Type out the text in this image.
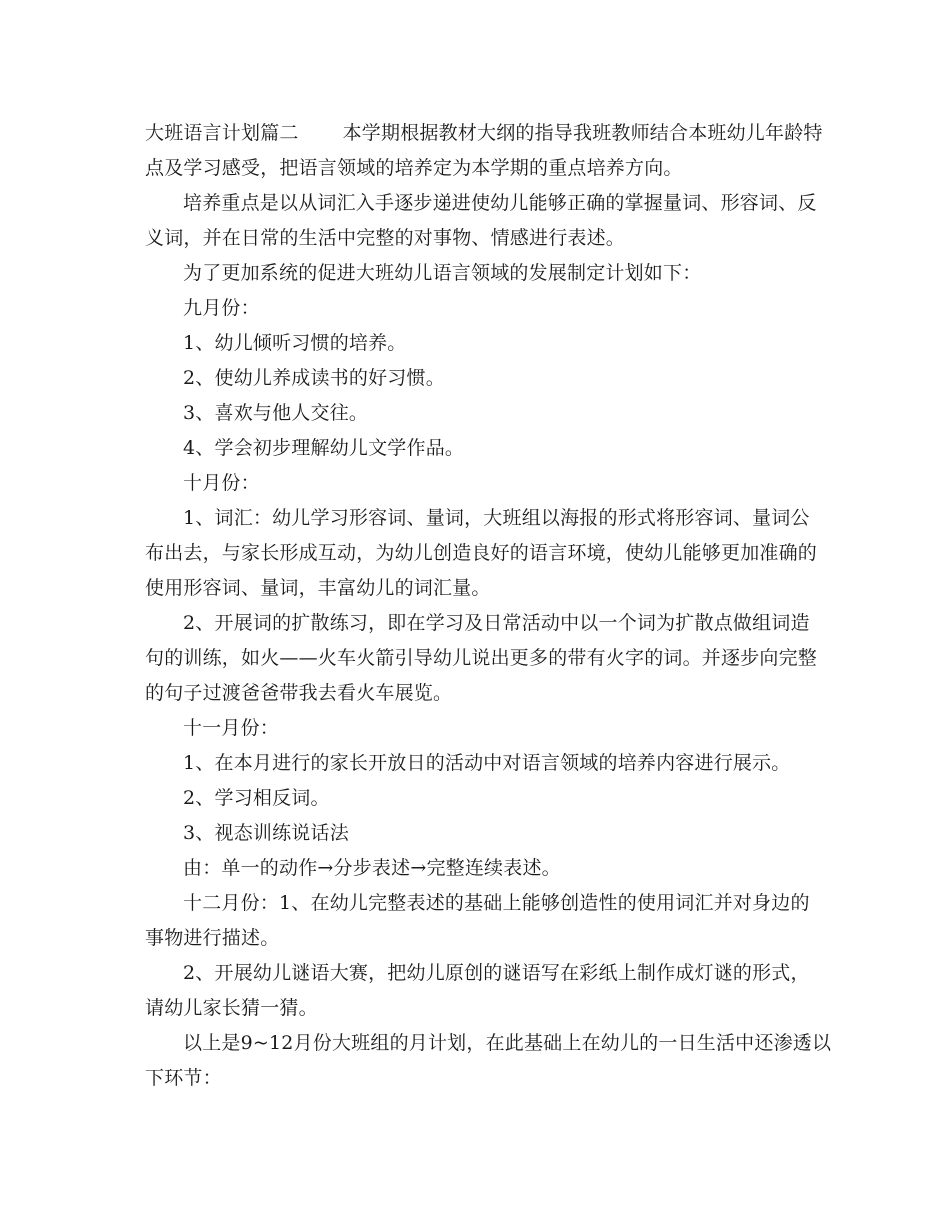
大班语言计划篇二 本学期根据教材大纲的指导我班教师结合本班幼儿年龄特
点及学习感受，把语言领域的培养定为本学期的重点培养方向。
培养重点是以从词汇入手逐步递进使幼儿能够正确的掌握量词、形容词、反
义词，并在日常的生活中完整的对事物、情感进行表述。
为了更加系统的促进大班幼儿语言领域的发展制定计划如下：
九月份：
1、幼儿倾听习惯的培养。
2、使幼儿养成读书的好习惯。
3、喜欢与他人交往。
4、学会初步理解幼儿文学作品。
十月份：
1、词汇：幼儿学习形容词、量词，大班组以海报的形式将形容词、量词公
布出去，与家长形成互动，为幼儿创造良好的语言环境，使幼儿能够更加准确的
使用形容词、量词，丰富幼儿的词汇量。
2、开展词的扩散练习，即在学习及日常活动中以一个词为扩散点做组词造
句的训练，如火——火车火箭引导幼儿说出更多的带有火字的词。并逐步向完整
的句子过渡爸爸带我去看火车展览。
十一月份：
1、在本月进行的家长开放日的活动中对语言领域的培养内容进行展示。
2、学习相反词。
3、视态训练说话法
由：单一的动作→分步表述→完整连续表述。
十二月份：1、在幼儿完整表述的基础上能够创造性的使用词汇并对身边的
事物进行描述。
2、开展幼儿谜语大赛，把幼儿原创的谜语写在彩纸上制作成灯谜的形式，
请幼儿家长猜一猜。
以上是9~12月份大班组的月计划，在此基础上在幼儿的一日生活中还渗透以
下环节：
